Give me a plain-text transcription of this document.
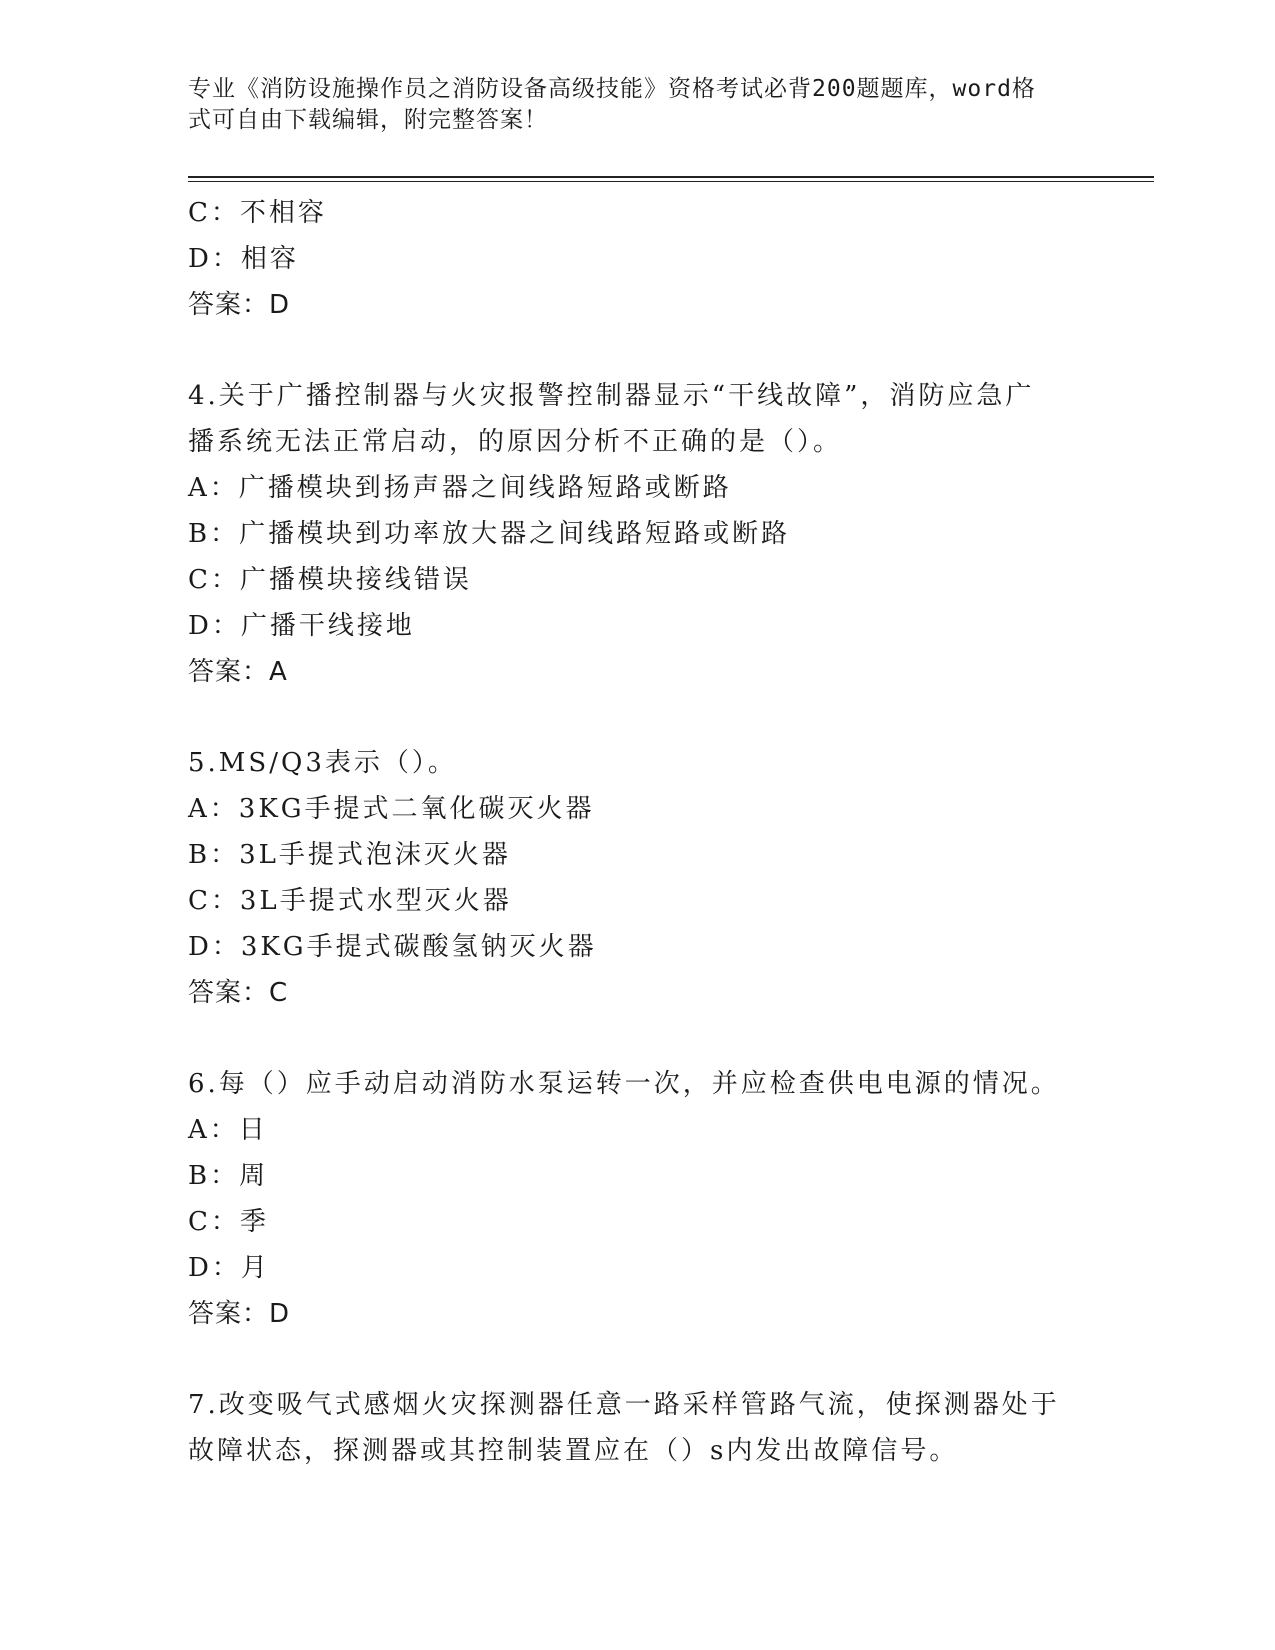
专业《消防设施操作员之消防设备高级技能》资格考试必背200题题库，word格
式可自由下载编辑，附完整答案！
C：不相容
D：相容
答案：D
4.关于广播控制器与火灾报警控制器显示“干线故障”，消防应急广
播系统无法正常启动，的原因分析不正确的是（）。
A：广播模块到扬声器之间线路短路或断路
B：广播模块到功率放大器之间线路短路或断路
C：广播模块接线错误
D：广播干线接地
答案：A
5.MS/Q3表示（）。
A：3KG手提式二氧化碳灭火器
B：3L手提式泡沫灭火器
C：3L手提式水型灭火器
D：3KG手提式碳酸氢钠灭火器
答案：C
6.每（）应手动启动消防水泵运转一次，并应检查供电电源的情况。
A：日
B：周
C：季
D：月
答案：D
7.改变吸气式感烟火灾探测器任意一路采样管路气流，使探测器处于
故障状态，探测器或其控制装置应在（）s内发出故障信号。
